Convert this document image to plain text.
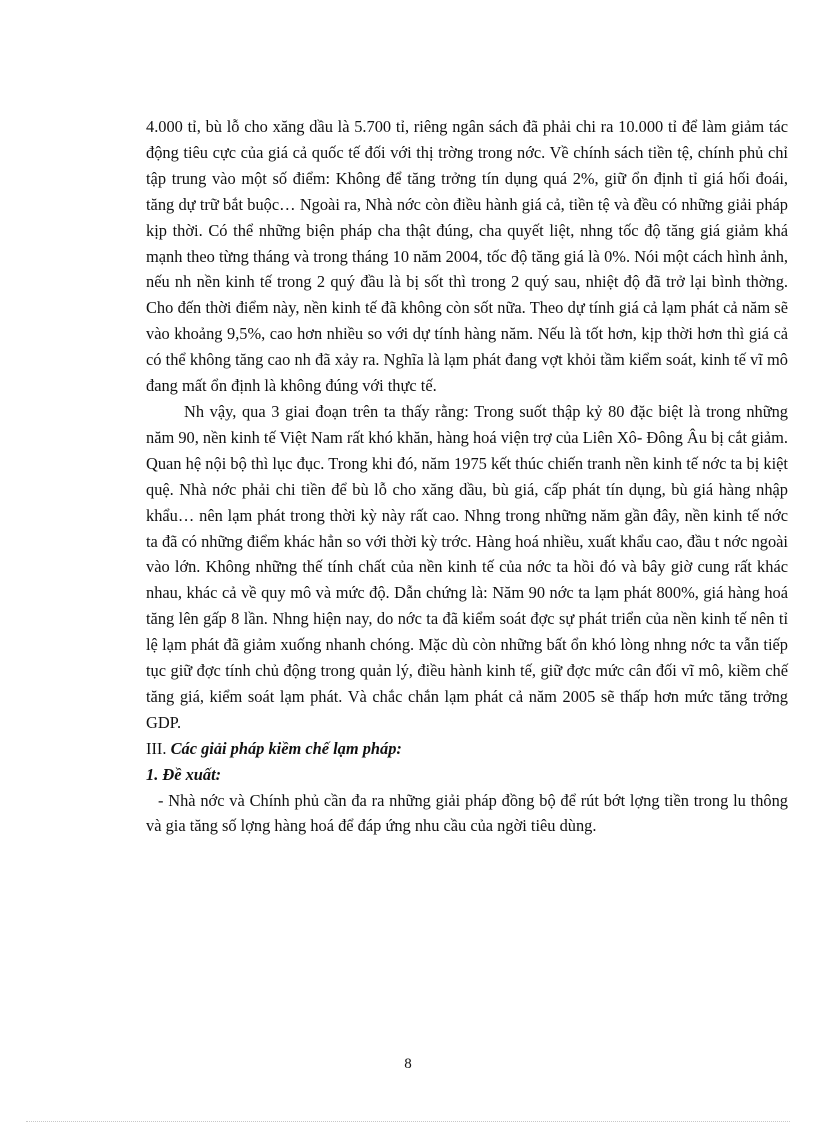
4.000 tỉ, bù lỗ cho xăng dầu là 5.700 tỉ, riêng ngân sách đã phải chi ra 10.000 tỉ để làm giảm tác động tiêu cực của giá cả quốc tế đối với thị trờng trong nớc. Về chính sách tiền tệ, chính phủ chỉ tập trung vào một số điểm: Không để tăng trởng tín dụng quá 2%, giữ ổn định tỉ giá hối đoái, tăng dự trữ bắt buộc… Ngoài ra, Nhà nớc còn điều hành giá cả, tiền tệ và đều có những giải pháp kịp thời. Có thể những biện pháp cha thật đúng, cha quyết liệt, nhng tốc độ tăng giá giảm khá mạnh theo từng tháng và trong tháng 10 năm 2004, tốc độ tăng giá là 0%. Nói một cách hình ảnh, nếu nh nền kinh tế trong 2 quý đầu là bị sốt thì trong 2 quý sau, nhiệt độ đã trở lại bình thờng. Cho đến thời điểm này, nền kinh tế đã không còn sốt nữa. Theo dự tính giá cả lạm phát cả năm sẽ vào khoảng 9,5%, cao hơn nhiều so với dự tính hàng năm. Nếu là tốt hơn, kịp thời hơn thì giá cả có thể không tăng cao nh đã xảy ra. Nghĩa là lạm phát đang vợt khỏi tầm kiểm soát, kinh tế vĩ mô đang mất ổn định là không đúng với thực tế.

Nh vậy, qua 3 giai đoạn trên ta thấy rằng: Trong suốt thập kỷ 80 đặc biệt là trong những năm 90, nền kinh tế Việt Nam rất khó khăn, hàng hoá viện trợ của Liên Xô- Đông Âu bị cắt giảm. Quan hệ nội bộ thì lục đục. Trong khi đó, năm 1975 kết thúc chiến tranh nền kinh tế nớc ta bị kiệt quệ. Nhà nớc phải chi tiền để bù lỗ cho xăng dầu, bù giá, cấp phát tín dụng, bù giá hàng nhập khẩu… nên lạm phát trong thời kỳ này rất cao. Nhng trong những năm gần đây, nền kinh tế nớc ta đã có những điểm khác hẳn so với thời kỳ trớc. Hàng hoá nhiều, xuất khẩu cao, đầu t nớc ngoài vào lớn. Không những thế tính chất của nền kinh tế của nớc ta hồi đó và bây giờ cung rất khác nhau, khác cả về quy mô và mức độ. Dẫn chứng là: Năm 90 nớc ta lạm phát 800%, giá hàng hoá tăng lên gấp 8 lần. Nhng hiện nay, do nớc ta đã kiểm soát đợc sự phát triển của nền kinh tế nên tỉ lệ lạm phát đã giảm xuống nhanh chóng. Mặc dù còn những bất ổn khó lòng nhng nớc ta vẫn tiếp tục giữ đợc tính chủ động trong quản lý, điều hành kinh tế, giữ đợc mức cân đối vĩ mô, kiềm chế tăng giá, kiểm soát lạm phát. Và chắc chắn lạm phát cả năm 2005 sẽ thấp hơn mức tăng trởng GDP.

III. Các giải pháp kiềm chế lạm pháp:

1. Đề xuất:

- Nhà nớc và Chính phủ cần đa ra những giải pháp đồng bộ để rút bớt lợng tiền trong lu thông và gia tăng số lợng hàng hoá để đáp ứng nhu cầu của ngời tiêu dùng.

8
